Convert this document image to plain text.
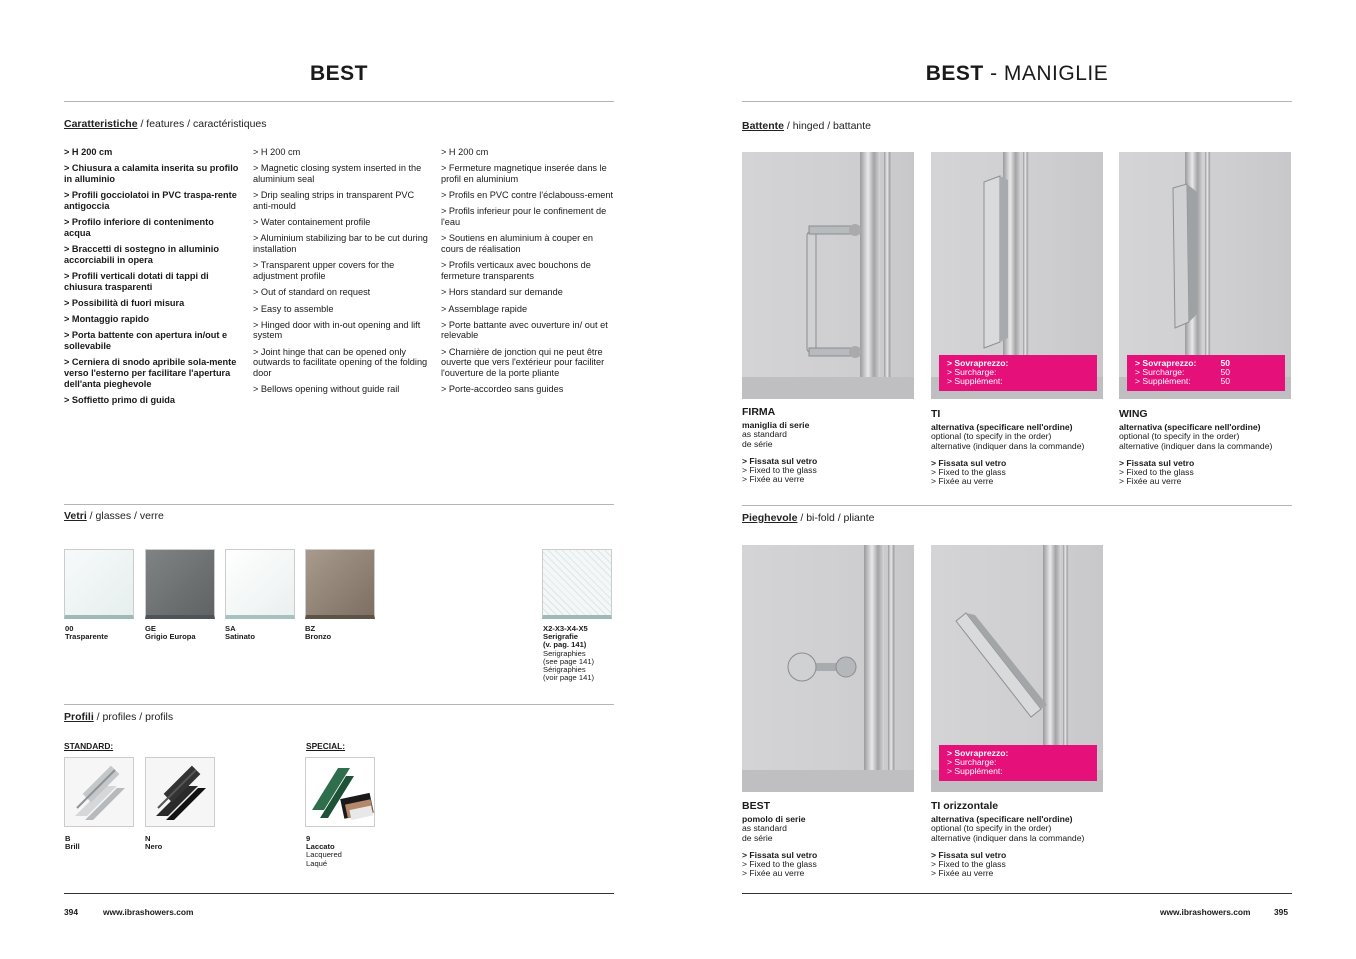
BEST
Caratteristiche / features / caractéristiques
> H 200 cm
> Chiusura a calamita inserita su profilo in alluminio
> Profili gocciolatoi in PVC traspa-rente antigoccia
> Profilo inferiore di contenimento acqua
> Braccetti di sostegno in alluminio accorciabili in opera
> Profili verticali dotati di tappi di chiusura trasparenti
> Possibilità di fuori misura
> Montaggio rapido
> Porta battente con apertura in/out e sollevabile
> Cerniera di snodo apribile sola-mente verso l'esterno per facilitare l'apertura dell'anta pieghevole
> Soffietto primo di guida
> H 200 cm
> Magnetic closing system inserted in the aluminium seal
> Drip sealing strips in transparent PVC anti-mould
> Water containement profile
> Aluminium stabilizing bar to be cut during installation
> Transparent upper covers for the adjustment profile
> Out of standard on request
> Easy to assemble
> Hinged door with in-out opening and lift system
> Joint hinge that can be opened only outwards to facilitate opening of the folding door
> Bellows opening without guide rail
> H 200 cm
> Fermeture magnetique inserée dans le profil en aluminium
> Profils en PVC contre l'éclabouss-ement
> Profils inferieur pour le confinement de l'eau
> Soutiens en aluminium à couper en cours de réalisation
> Profils verticaux avec bouchons de fermeture transparents
> Hors standard sur demande
> Assemblage rapide
> Porte battante avec ouverture in/ out et relevable
> Charnière de jonction qui ne peut être ouverte que vers l'extérieur pour faciliter l'ouverture de la porte pliante
> Porte-accordeo sans guides
Vetri / glasses / verre
00
Trasparente
GE
Grigio Europa
SA
Satinato
BZ
Bronzo
X2-X3-X4-X5
Serigrafie
(v. pag. 141)
Serigraphies
(see page 141)
Sérigraphies
(voir page 141)
Profili / profiles / profils
STANDARD:	SPECIAL:
B
Brill
N
Nero
9
Laccato
Lacquered
Laqué
394	www.ibrashowers.com
BEST - MANIGLIE
Battente / hinged / battante
> Sovraprezzo:
> Surcharge:
> Supplément:
> Sovraprezzo:	50
> Surcharge:	50
> Supplément:	50
FIRMA
maniglia di serie
as standard
de série
> Fissata sul vetro
> Fixed to the glass
> Fixée au verre
TI
alternativa (specificare nell'ordine)
optional (to specify in the order)
alternative (indiquer dans la commande)
> Fissata sul vetro
> Fixed to the glass
> Fixée au verre
WING
alternativa (specificare nell'ordine)
optional (to specify in the order)
alternative (indiquer dans la commande)
> Fissata sul vetro
> Fixed to the glass
> Fixée au verre
Pieghevole / bi-fold / pliante
> Sovraprezzo:
> Surcharge:
> Supplément:
BEST
pomolo di serie
as standard
de série
> Fissata sul vetro
> Fixed to the glass
> Fixée au verre
TI orizzontale
alternativa (specificare nell'ordine)
optional (to specify in the order)
alternative (indiquer dans la commande)
> Fissata sul vetro
> Fixed to the glass
> Fixée au verre
www.ibrashowers.com	395
